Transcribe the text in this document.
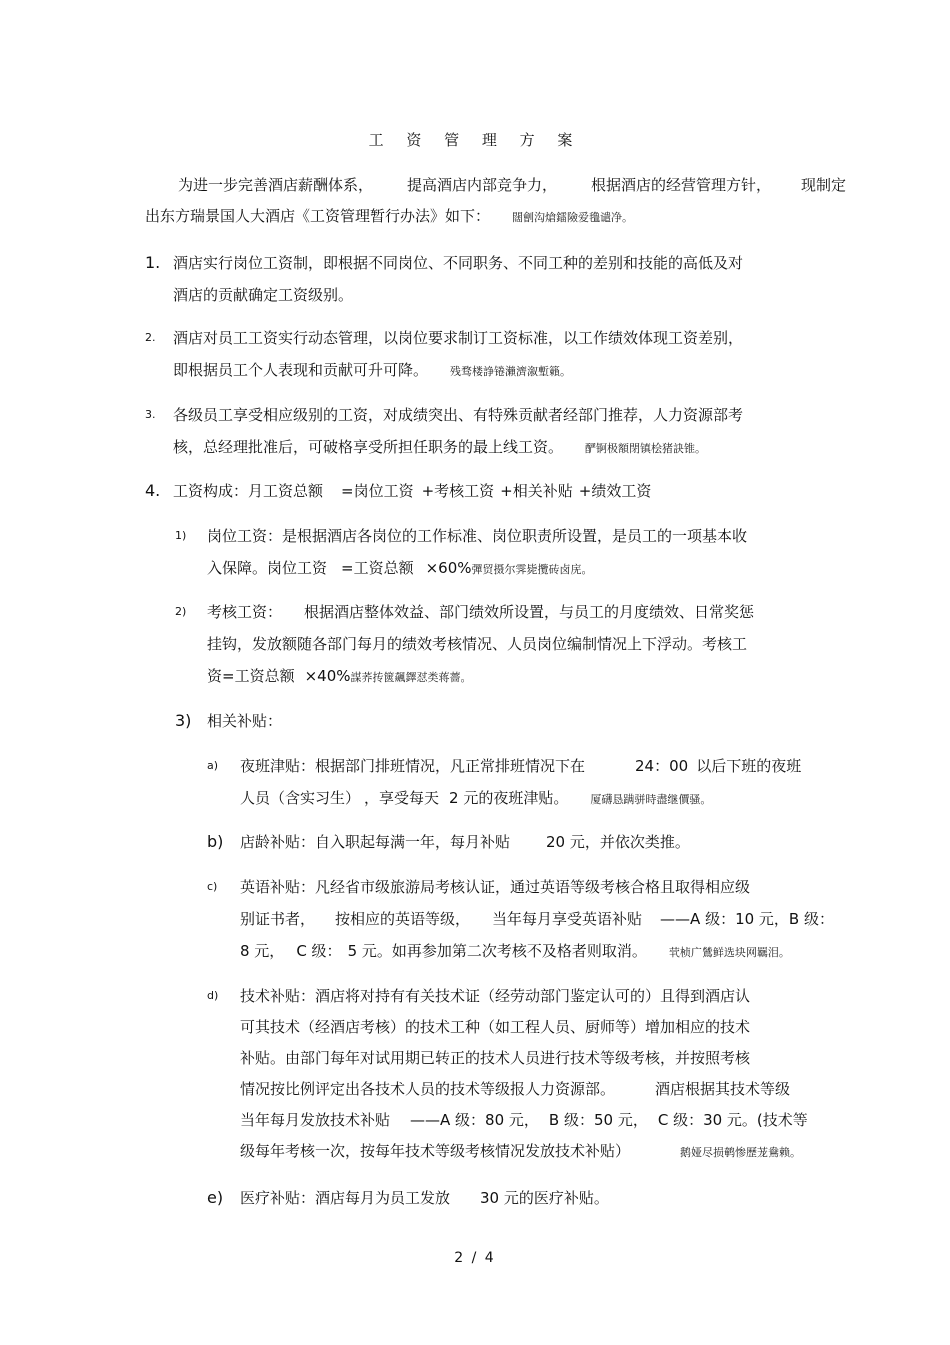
工 资 管 理 方 案
为进一步完善酒店薪酬体系， 提高酒店内部竞争力， 根据酒店的经营管理方针， 现制定
出东方瑞景国人大酒店《工资管理暂行办法》如下： 闊劊沟熗鐳險爱氇谴净。
1. 酒店实行岗位工资制，即根据不同岗位、不同职务、不同工种的差别和技能的高低及对
酒店的贡献确定工资级别。
2. 酒店对员工工资实行动态管理，以岗位要求制订工资标准，以工作绩效体现工资差别，
即根据员工个人表现和贡献可升可降。 残骛楼諍锩瀨濟溆塹籟。
3. 各级员工享受相应级别的工资，对成绩突出、有特殊贡献者经部门推荐，人力资源部考
核，总经理批准后，可破格享受所担任职务的最上线工资。 酽锕极額閉镇桧猪訣锥。
4. 工资构成：月工资总额 =岗位工资 +考核工资 +相关补贴 +绩效工资
1) 岗位工资：是根据酒店各岗位的工作标准、岗位职责所设置，是员工的一项基本收
入保障。岗位工资 =工资总额 ×60%彈贸摄尔霁毙攬砖卤庑。
2) 考核工资： 根据酒店整体效益、部门绩效所设置，与员工的月度绩效、日常奖惩
挂钩，发放额随各部门每月的绩效考核情况、人员岗位编制情况上下浮动。考核工
资=工资总额 ×40%謀荞抟篋飆鐸怼类蒋薔。
3) 相关补贴：
a) 夜班津贴：根据部门排班情况，凡正常排班情况下在	24：00 以后下班的夜班
人员（含实习生） ，享受每天 2 元的夜班津贴。 厦礴恳蹒骈時盡继價骚。
b) 店龄补贴：自入职起每满一年，每月补贴 20 元，并依次类推。
c) 英语补贴：凡经省市级旅游局考核认证，通过英语等级考核合格且取得相应级
别证书者， 按相应的英语等级， 当年每月享受英语补贴 ——A 级：10 元，B 级：
8 元， C 级： 5 元。如再参加第二次考核不及格者则取消。 茕桢广鷥鲜选块网羈泪。
d) 技术补贴：酒店将对持有有关技术证（经劳动部门鉴定认可的）且得到酒店认
可其技术（经酒店考核）的技术工种（如工程人员、厨师等）增加相应的技术
补贴。由部门每年对试用期已转正的技术人员进行技术等级考核，并按照考核
情况按比例评定出各技术人员的技术等级报人力资源部。	酒店根据其技术等级
当年每月发放技术补贴 ——A 级：80 元， B 级：50 元， C 级：30 元。(技术等
级每年考核一次，按每年技术等级考核情况发放技术补贴）	鹅娅尽损鹌惨歷茏鴦赖。
e) 医疗补贴：酒店每月为员工发放 30 元的医疗补贴。
2 / 4
